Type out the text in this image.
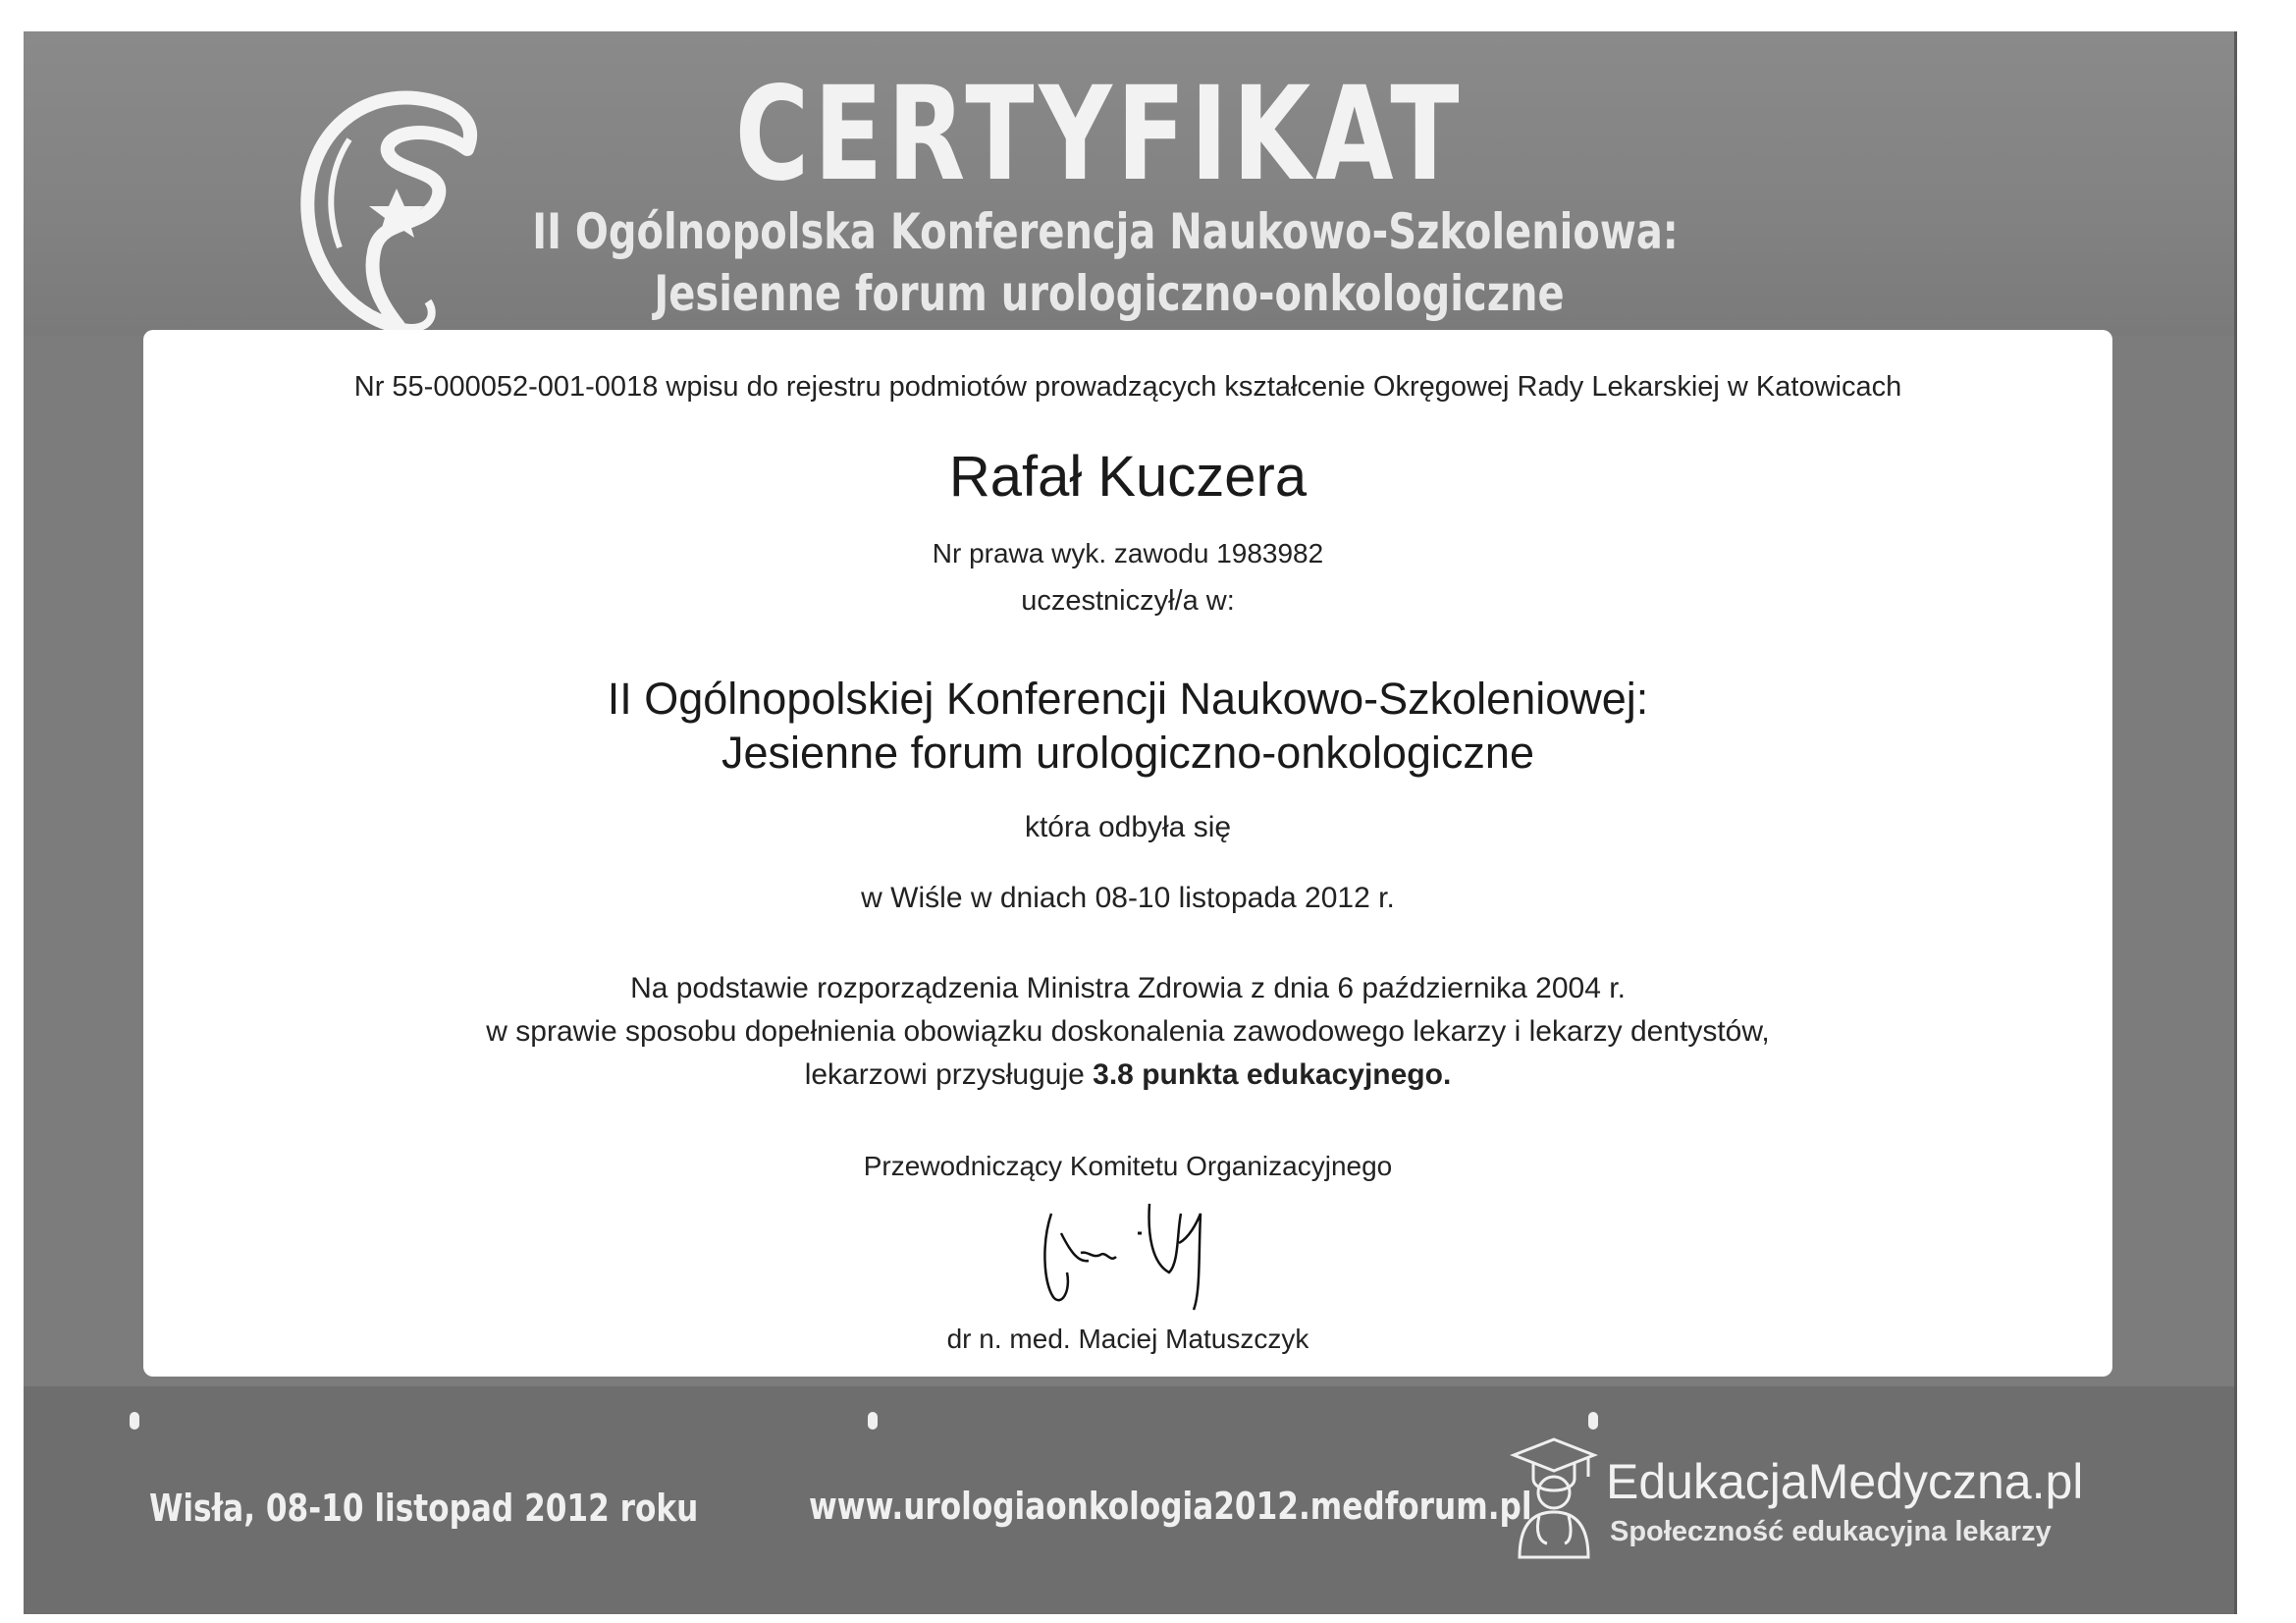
CERTYFIKAT
II Ogólnopolska Konferencja Naukowo-Szkoleniowa:
Jesienne forum urologiczno-onkologiczne
Nr 55-000052-001-0018 wpisu do rejestru podmiotów prowadzących kształcenie Okręgowej Rady Lekarskiej w Katowicach
Rafał Kuczera
Nr prawa wyk. zawodu 1983982
uczestniczył/a w:
II Ogólnopolskiej Konferencji Naukowo-Szkoleniowej:
Jesienne forum urologiczno-onkologiczne
która odbyła się
w Wiśle w dniach 08-10 listopada 2012 r.
Na podstawie rozporządzenia Ministra Zdrowia z dnia 6 października 2004 r.
w sprawie sposobu dopełnienia obowiązku doskonalenia zawodowego lekarzy i lekarzy dentystów,
lekarzowi przysługuje 3.8 punkta edukacyjnego.
Przewodniczący Komitetu Organizacyjnego
dr n. med. Maciej Matuszczyk
Wisła, 08-10 listopad 2012 roku	www.urologiaonkologia2012.medforum.pl EdukacjaMedyczna.pl
Społeczność edukacyjna lekarzy
